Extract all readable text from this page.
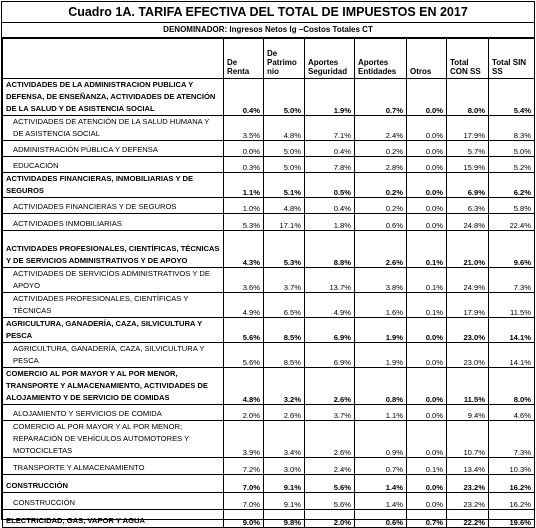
Cuadro 1A. TARIFA EFECTIVA DEL TOTAL DE IMPUESTOS EN 2017
DENOMINADOR: Ingresos Netos Ig –Costos Totales CT
	De Renta	De Patrimo nio	Aportes Seguridad	Aportes Entidades	Otros	Total CON SS	Total SIN SS
ACTIVIDADES DE LA ADMINISTRACION PUBLICA Y DEFENSA, DE ENSEÑANZA, ACTIVIDADES DE ATENCIÓN DE LA SALUD Y DE ASISTENCIA SOCIAL	0.4%	5.0%	1.9%	0.7%	0.0%	8.0%	5.4%
ACTIVIDADES DE ATENCIÓN DE LA SALUD HUMANA Y DE ASISTENCIA SOCIAL	3.5%	4.8%	7.1%	2.4%	0.0%	17.9%	8.3%
ADMINISTRACIÓN PÚBLICA Y DEFENSA	0.0%	5.0%	0.4%	0.2%	0.0%	5.7%	5.0%
EDUCACIÓN	0.3%	5.0%	7.8%	2.8%	0.0%	15.9%	5.2%
ACTIVIDADES FINANCIERAS, INMOBILIARIAS Y DE SEGUROS	1.1%	5.1%	0.5%	0.2%	0.0%	6.9%	6.2%
ACTIVIDADES FINANCIERAS Y DE SEGUROS	1.0%	4.8%	0.4%	0.2%	0.0%	6.3%	5.8%
ACTIVIDADES INMOBILIARIAS	5.3%	17.1%	1.8%	0.6%	0.0%	24.8%	22.4%
ACTIVIDADES PROFESIONALES, CIENTÍFICAS, TÉCNICAS Y DE SERVICIOS ADMINISTRATIVOS Y DE APOYO	4.3%	5.3%	8.8%	2.6%	0.1%	21.0%	9.6%
ACTIVIDADES DE SERVICIOS ADMINISTRATIVOS Y DE APOYO	3.6%	3.7%	13.7%	3.8%	0.1%	24.9%	7.3%
ACTIVIDADES PROFESIONALES, CIENTÍFICAS Y TÉCNICAS	4.9%	6.5%	4.9%	1.6%	0.1%	17.9%	11.5%
AGRICULTURA, GANADERÍA, CAZA, SILVICULTURA Y PESCA	5.6%	8.5%	6.9%	1.9%	0.0%	23.0%	14.1%
AGRICULTURA, GANADERÍA, CAZA, SILVICULTURA Y PESCA	5.6%	8.5%	6.9%	1.9%	0.0%	23.0%	14.1%
COMERCIO AL POR MAYOR Y AL POR MENOR, TRANSPORTE Y ALMACENAMIENTO, ACTIVIDADES DE ALOJAMIENTO Y DE SERVICIO DE COMIDAS	4.8%	3.2%	2.6%	0.8%	0.0%	11.5%	8.0%
ALOJAMIENTO Y SERVICIOS DE COMIDA	2.0%	2.6%	3.7%	1.1%	0.0%	9.4%	4.6%
COMERCIO AL POR MAYOR Y AL POR MENOR; REPARACIÓN DE VEHÍCULOS AUTOMOTORES Y MOTOCICLETAS	3.9%	3.4%	2.6%	0.9%	0.0%	10.7%	7.3%
TRANSPORTE Y ALMACENAMIENTO	7.2%	3.0%	2.4%	0.7%	0.1%	13.4%	10.3%
CONSTRUCCIÓN	7.0%	9.1%	5.6%	1.4%	0.0%	23.2%	16.2%
CONSTRUCCIÓN	7.0%	9.1%	5.6%	1.4%	0.0%	23.2%	16.2%
ELECTRICIDAD, GAS, VAPOR Y AGUA	9.0%	9.8%	2.0%	0.6%	0.7%	22.2%	19.6%
